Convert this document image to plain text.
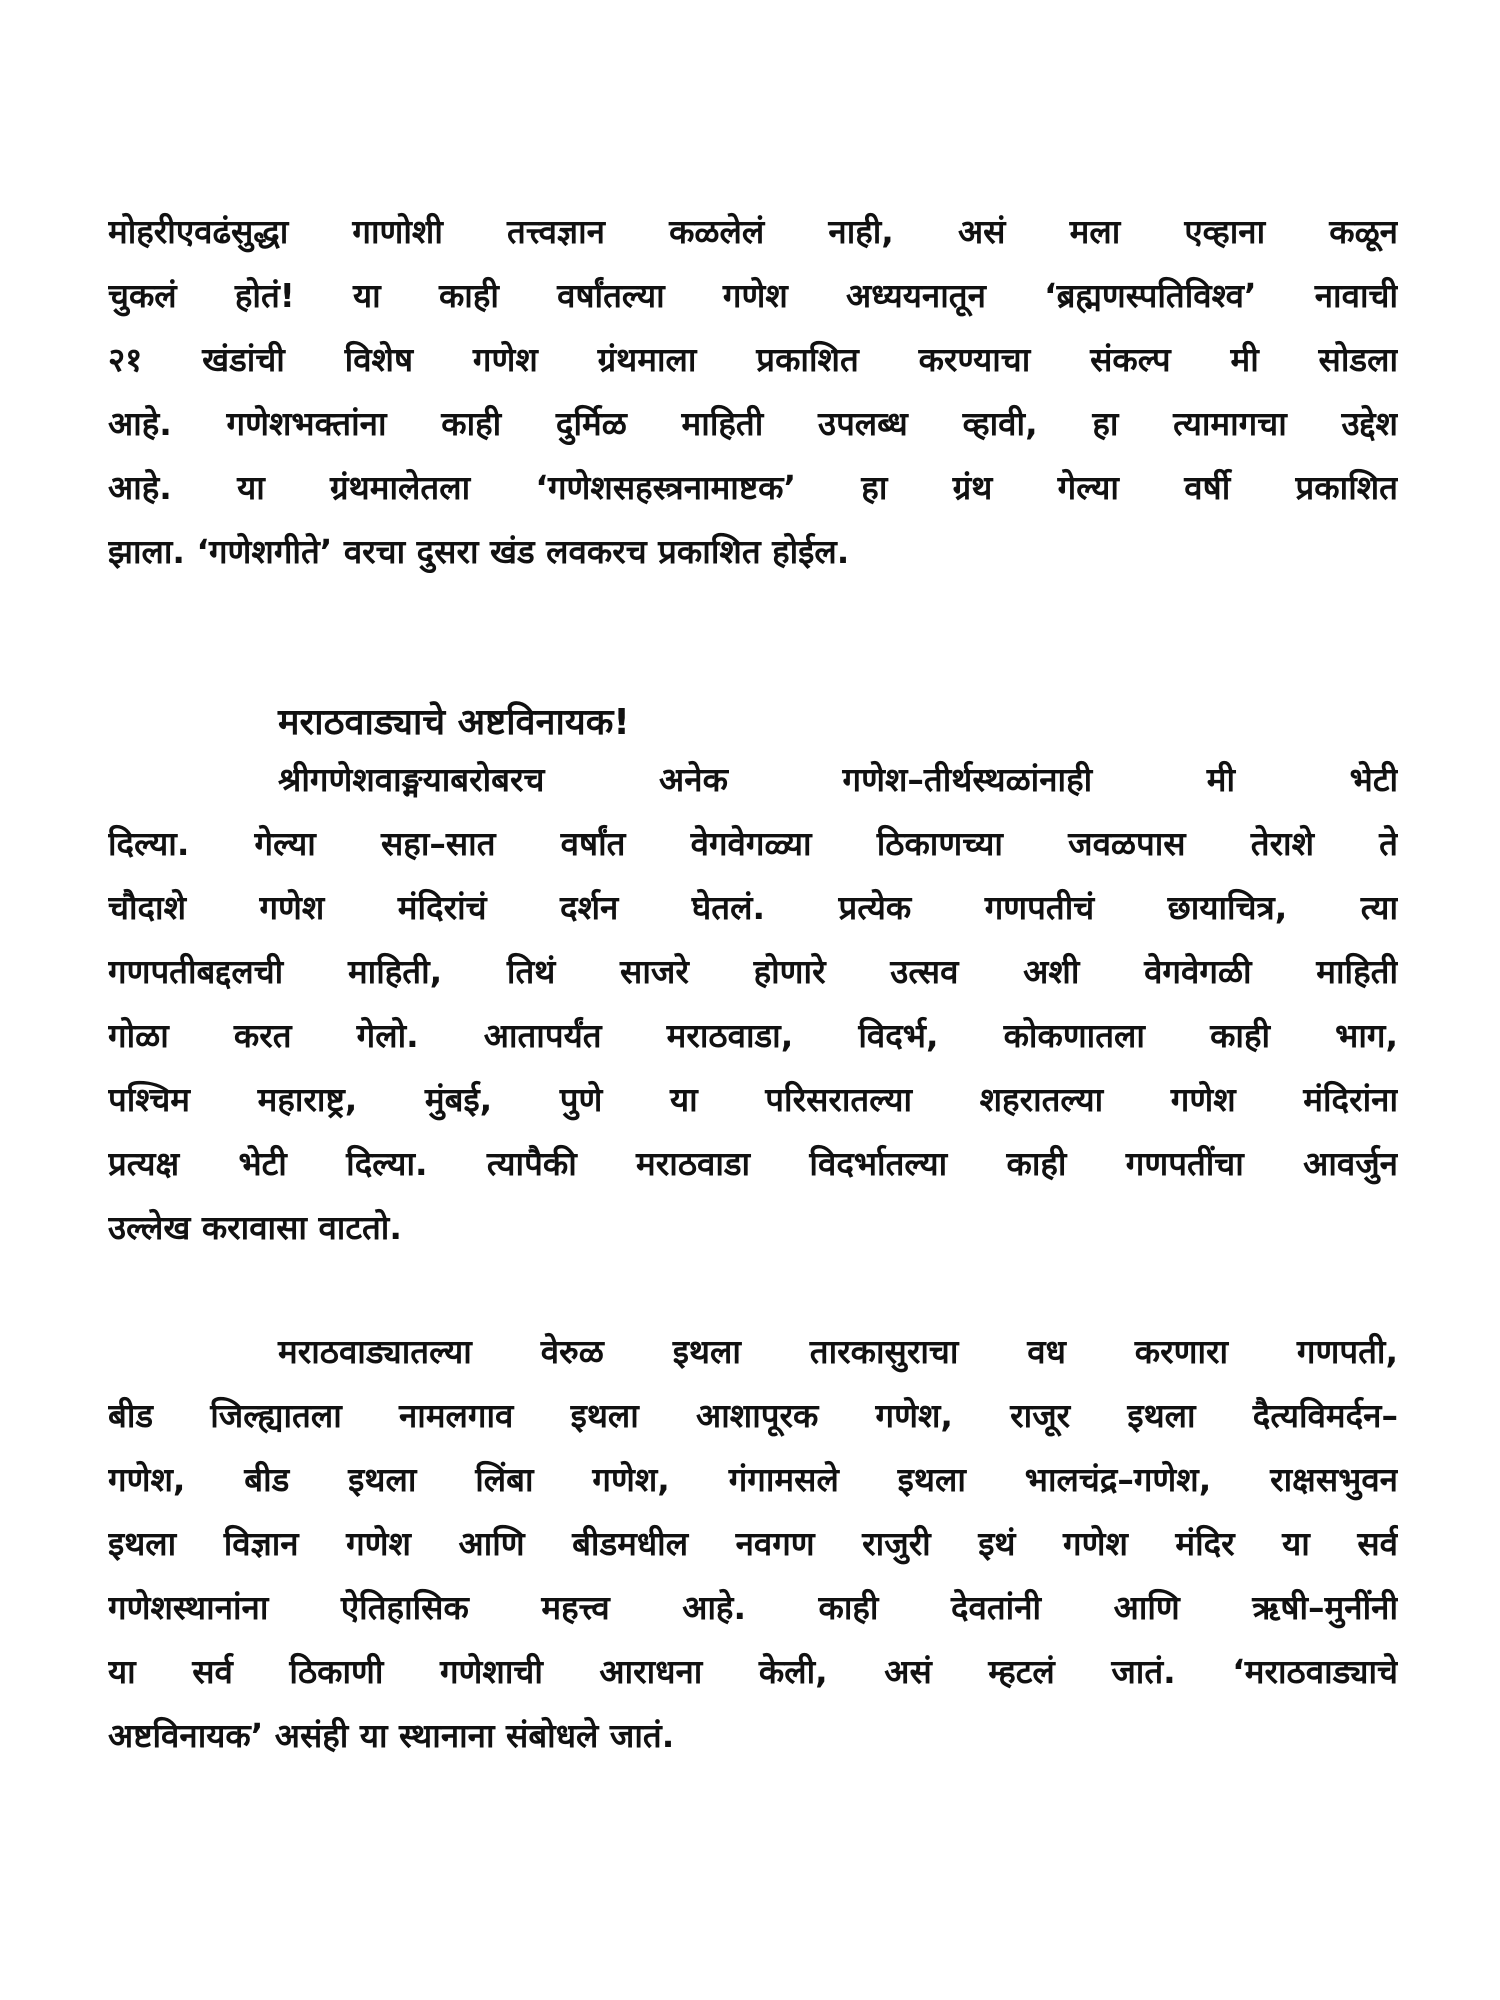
मोहरीएवढंसुद्धा गाणोशी तत्त्वज्ञान कळलेलं नाही, असं मला एव्हाना कळून
चुकलं होतं! या काही वर्षांतल्या गणेश अध्ययनातून ‘ब्रह्मणस्पतिविश्व’ नावाची
२१ खंडांची विशेष गणेश ग्रंथमाला प्रकाशित करण्याचा संकल्प मी सोडला
आहे. गणेशभक्तांना काही दुर्मिळ माहिती उपलब्ध व्हावी, हा त्यामागचा उद्देश
आहे. या ग्रंथमालेतला ‘गणेशसहस्त्रनामाष्टक’ हा ग्रंथ गेल्या वर्षी प्रकाशित
झाला. ‘गणेशगीते’ वरचा दुसरा खंड लवकरच प्रकाशित होईल.
मराठवाड्याचे अष्टविनायक!
श्रीगणेशवाङ्मयाबरोबरच अनेक गणेश–तीर्थस्थळांनाही मी भेटी
दिल्या. गेल्या सहा–सात वर्षांत वेगवेगळ्या ठिकाणच्या जवळपास तेराशे ते
चौदाशे गणेश मंदिरांचं दर्शन घेतलं. प्रत्येक गणपतीचं छायाचित्र, त्या
गणपतीबद्दलची माहिती, तिथं साजरे होणारे उत्सव अशी वेगवेगळी माहिती
गोळा करत गेलो. आतापर्यंत मराठवाडा, विदर्भ, कोकणातला काही भाग,
पश्चिम महाराष्ट्र, मुंबई, पुणे या परिसरातल्या शहरातल्या गणेश मंदिरांना
प्रत्यक्ष भेटी दिल्या. त्यापैकी मराठवाडा विदर्भातल्या काही गणपतींचा आवर्जुन
उल्लेख करावासा वाटतो.
मराठवाड्यातल्या वेरुळ इथला तारकासुराचा वध करणारा गणपती,
बीड जिल्ह्यातला नामलगाव इथला आशापूरक गणेश, राजूर इथला दैत्यविमर्दन–
गणेश, बीड इथला लिंबा गणेश, गंगामसले इथला भालचंद्र–गणेश, राक्षसभुवन
इथला विज्ञान गणेश आणि बीडमधील नवगण राजुरी इथं गणेश मंदिर या सर्व
गणेशस्थानांना ऐतिहासिक महत्त्व आहे. काही देवतांनी आणि ऋषी–मुनींनी
या सर्व ठिकाणी गणेशाची आराधना केली, असं म्हटलं जातं. ‘मराठवाड्याचे
अष्टविनायक’ असंही या स्थानाना संबोधले जातं.
